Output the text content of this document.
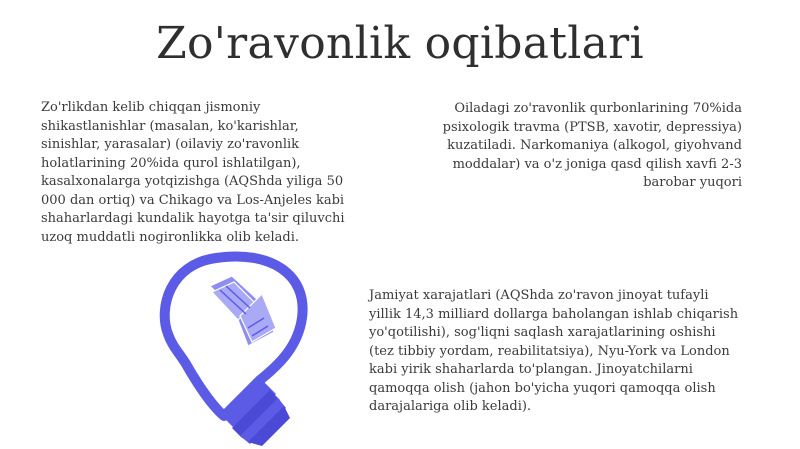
Zo'ravonlik oqibatlari
Zo'rlikdan kelib chiqqan jismoniy shikastlanishlar (masalan, ko'karishlar, sinishlar, yarasalar) (oilaviy zo'ravonlik holatlarining 20%ida qurol ishlatilgan), kasalxonalarga yotqizishga (AQShda yiliga 50 000 dan ortiq) va Chikago va Los-Anjeles kabi shaharlardagi kundalik hayotga ta'sir qiluvchi uzoq muddatli nogironlikka olib keladi.
Oiladagi zo'ravonlik qurbonlarining 70%ida psixologik travma (PTSB, xavotir, depressiya) kuzatiladi. Narkomaniya (alkogol, giyohvand moddalar) va o'z joniga qasd qilish xavfi 2-3 barobar yuqori
Jamiyat xarajatlari (AQShda zo'ravon jinoyat tufayli yillik 14,3 milliard dollarga baholangan ishlab chiqarish yo'qotilishi), sog'liqni saqlash xarajatlarining oshishi (tez tibbiy yordam, reabilitatsiya), Nyu-York va London kabi yirik shaharlarda to'plangan. Jinoyatchilarni qamoqqa olish (jahon bo'yicha yuqori qamoqqa olish darajalariga olib keladi).
